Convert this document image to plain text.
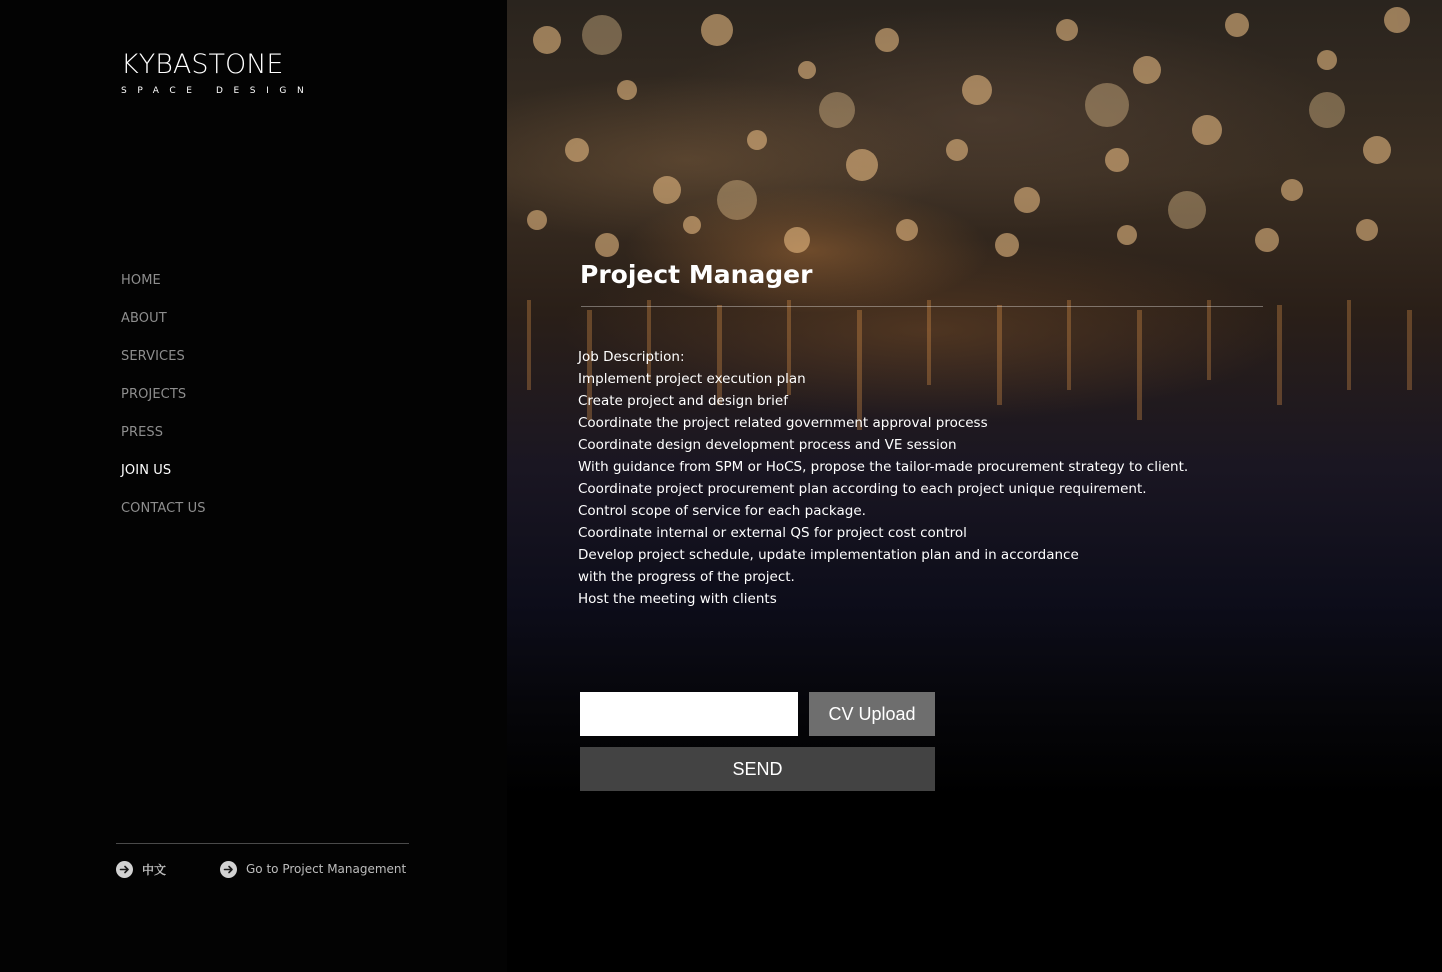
KYBASTONE
SPACE DESIGN
HOME
ABOUT
SERVICES
PROJECTS
PRESS
JOIN US
CONTACT US
中文	Go to Project Management
Project Manager
Job Description:
Implement project execution plan
Create project and design brief
Coordinate the project related government approval process
Coordinate design development process and VE session
With guidance from SPM or HoCS, propose the tailor-made procurement strategy to client.
Coordinate project procurement plan according to each project unique requirement.
Control scope of service for each package.
Coordinate internal or external QS for project cost control
Develop project schedule, update implementation plan and in accordance
with the progress of the project.
Host the meeting with clients
CV Upload
SEND
